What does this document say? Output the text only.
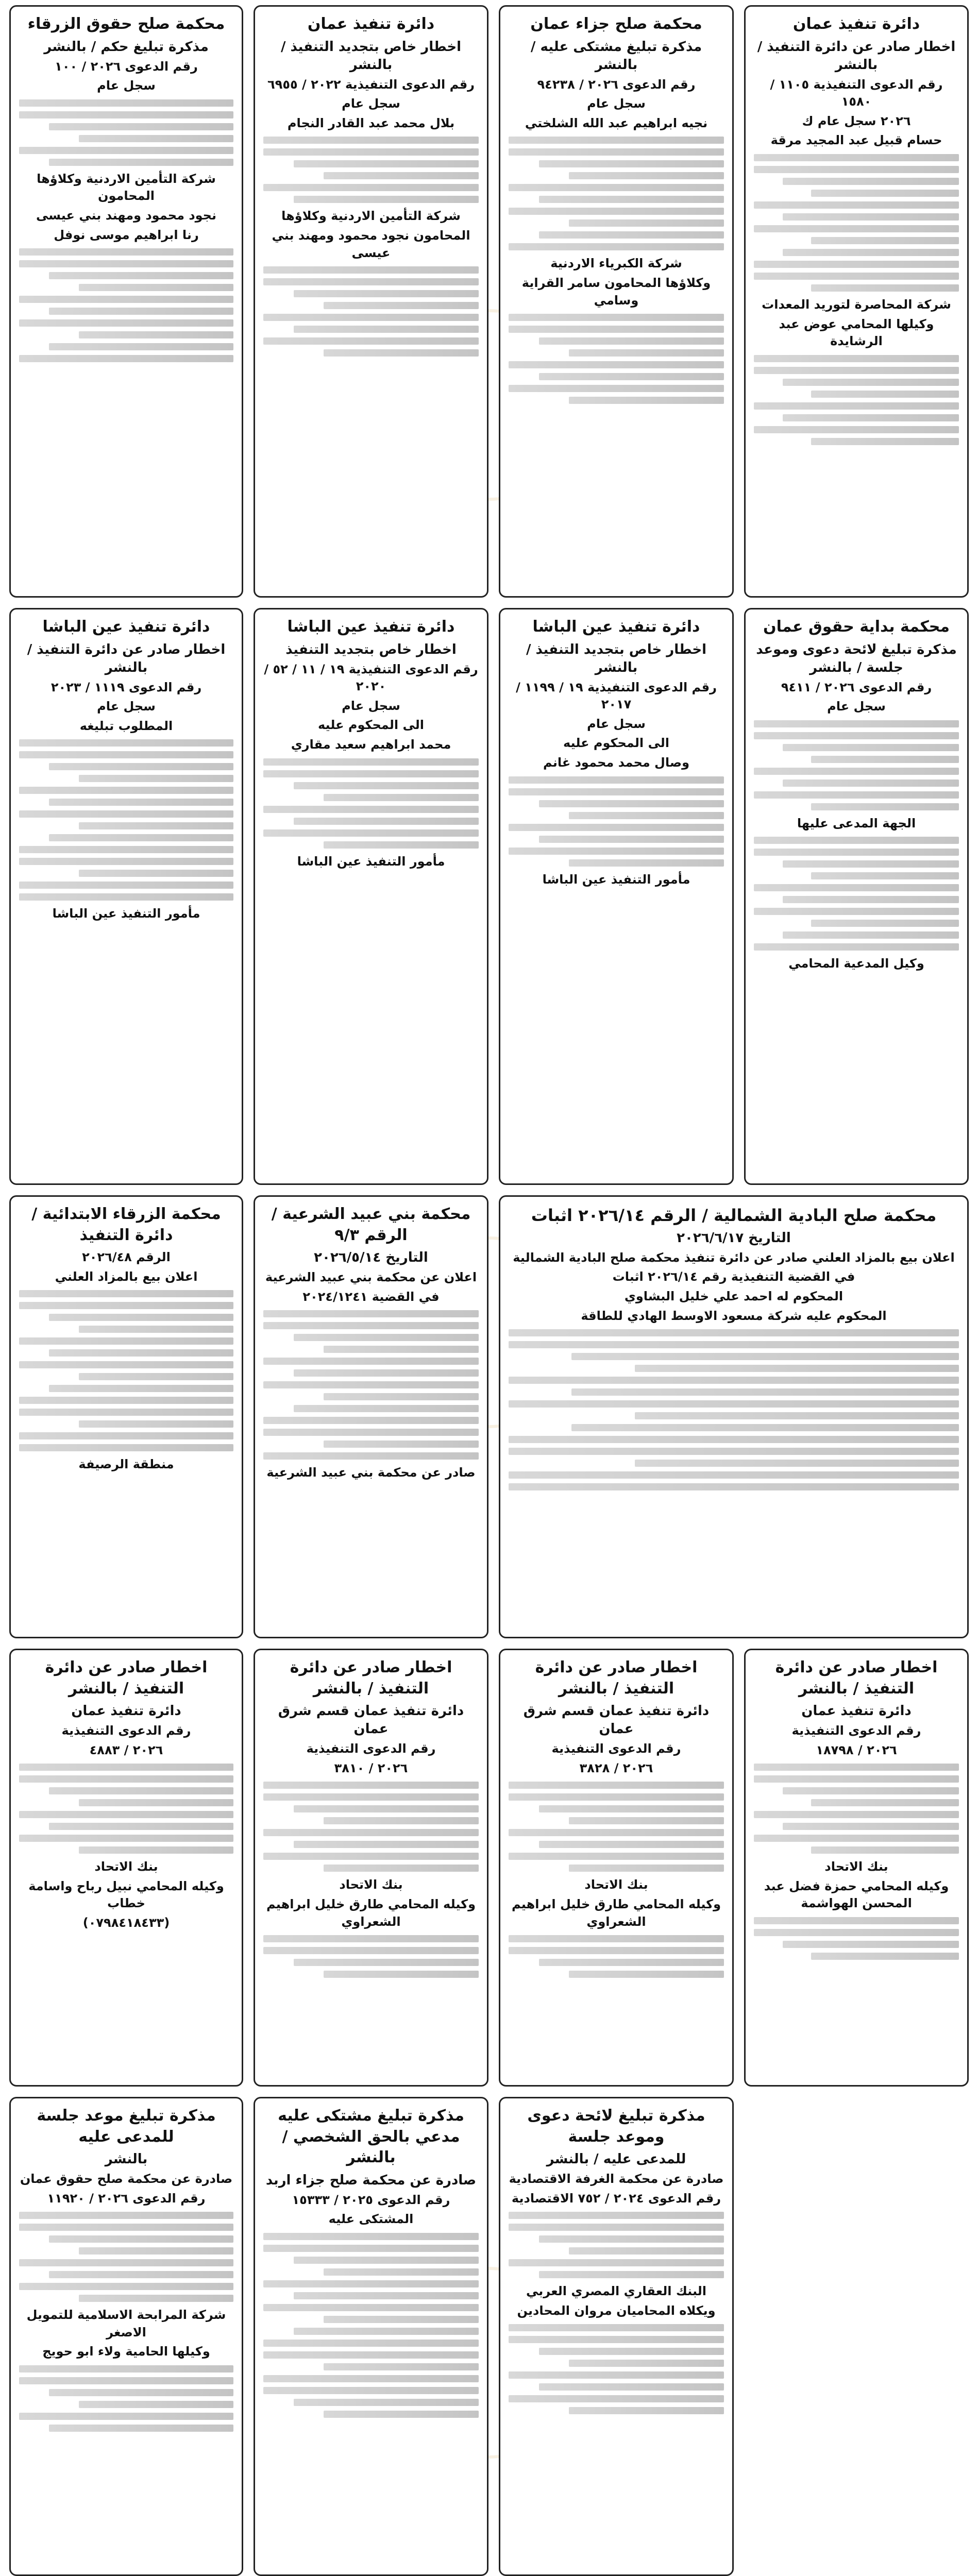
دائرة تنفيذ عمان
اخطار صادر عن دائرة التنفيذ / بالنشر
رقم الدعوى التنفيذية ١١٠٥ / ١٥٨٠
٢٠٢٦ سجل عام ك
حسام قبيل عبد المجيد مرقة
شركة المحاصرة لتوريد المعدات
وكيلها المحامي عوض عبد الرشايدة
محكمة صلح جزاء عمان
مذكرة تبليغ مشتكى عليه / بالنشر
رقم الدعوى ٢٠٢٦ / ٩٤٢٣٨
سجل عام
نجيه ابراهيم عبد الله الشلختي
شركة الكبرياء الاردنية
وكلاؤها المحامون سامر القراية وسامي
دائرة تنفيذ عمان
اخطار خاص بتجديد التنفيذ / بالنشر
رقم الدعوى التنفيذية ٢٠٢٢ / ٦٩٥٥
سجل عام
بلال محمد عبد القادر النجام
شركة التأمين الاردنية وكلاؤها
المحامون نجود محمود ومهند بني عيسى
محكمة صلح حقوق الزرقاء
مذكرة تبليغ حكم / بالنشر
رقم الدعوى ٢٠٢٦ / ١٠٠
سجل عام
شركة التأمين الاردنية وكلاؤها المحامون
نجود محمود ومهند بني عيسى
رنا ابراهيم موسى نوفل
محكمة بداية حقوق عمان
مذكرة تبليغ لائحة دعوى وموعد جلسة / بالنشر
رقم الدعوى ٢٠٢٦ / ٩٤١١
سجل عام
الجهة المدعى عليها
وكيل المدعية المحامي
دائرة تنفيذ عين الباشا
اخطار خاص بتجديد التنفيذ / بالنشر
رقم الدعوى التنفيذية ١٩ / ١١٩٩ / ٢٠١٧
سجل عام
الى المحكوم عليه
وصال محمد محمود غانم
مأمور التنفيذ عين الباشا
دائرة تنفيذ عين الباشا
اخطار خاص بتجديد التنفيذ
رقم الدعوى التنفيذية ١٩ / ١١ / ٥٢ / ٢٠٢٠
سجل عام
الى المحكوم عليه
محمد ابراهيم سعيد مقاري
مأمور التنفيذ عين الباشا
دائرة تنفيذ عين الباشا
اخطار صادر عن دائرة التنفيذ / بالنشر
رقم الدعوى ١١١٩ / ٢٠٢٣
سجل عام
المطلوب تبليغه
مأمور التنفيذ عين الباشا
محكمة صلح البادية الشمالية / الرقم ٢٠٢٦/١٤ اثبات
التاريخ ٢٠٢٦/٦/١٧
اعلان بيع بالمزاد العلني صادر عن دائرة تنفيذ محكمة صلح البادية الشمالية
في القضية التنفيذية رقم ٢٠٢٦/١٤ اثبات
المحكوم له احمد علي خليل البشاوي
المحكوم عليه شركة مسعود الاوسط الهادي للطاقة
محكمة بني عبيد الشرعية / الرقم ٩/٣
التاريخ ٢٠٢٦/٥/١٤
اعلان عن محكمة بني عبيد الشرعية
في القضية ٢٠٢٤/١٢٤١
صادر عن محكمة بني عبيد الشرعية
محكمة الزرقاء الابتدائية / دائرة التنفيذ
الرقم ٢٠٢٦/٤٨
اعلان بيع بالمزاد العلني
منطقة الرصيفة
اخطار صادر عن دائرة التنفيذ / بالنشر
دائرة تنفيذ عمان
رقم الدعوى التنفيذية
٢٠٢٦ / ١٨٧٩٨
بنك الاتحاد
وكيله المحامي حمزة فضل عبد المحسن الهواشمة
اخطار صادر عن دائرة التنفيذ / بالنشر
دائرة تنفيذ عمان قسم شرق عمان
رقم الدعوى التنفيذية
٢٠٢٦ / ٣٨٢٨
بنك الاتحاد
وكيله المحامي طارق خليل ابراهيم الشعراوي
اخطار صادر عن دائرة التنفيذ / بالنشر
دائرة تنفيذ عمان قسم شرق عمان
رقم الدعوى التنفيذية
٢٠٢٦ / ٣٨١٠
بنك الاتحاد
وكيله المحامي طارق خليل ابراهيم الشعراوي
اخطار صادر عن دائرة التنفيذ / بالنشر
دائرة تنفيذ عمان
رقم الدعوى التنفيذية
٢٠٢٦ / ٤٨٨٣
بنك الاتحاد
وكيله المحامي نبيل رباح واسامة خطاب
(٠٧٩٨٤١٨٤٣٣)
مذكرة تبليغ لائحة دعوى وموعد جلسة
للمدعى عليه / بالنشر
صادرة عن محكمة الغرفة الاقتصادية
رقم الدعوى ٢٠٢٤ / ٧٥٢ الاقتصادية
البنك العقاري المصري العربي
ويكلاه المحاميان مروان المحادين
مذكرة تبليغ مشتكى عليه مدعي بالحق الشخصي / بالنشر
صادرة عن محكمة صلح جزاء اربد
رقم الدعوى ٢٠٢٥ / ١٥٣٣٣
المشتكى عليه
مذكرة تبليغ موعد جلسة للمدعى عليه
بالنشر
صادرة عن محكمة صلح حقوق عمان
رقم الدعوى ٢٠٢٦ / ١١٩٢٠
شركة المرابحة الاسلامية للتمويل الاصغر
وكيلها الحامية ولاء ابو حويج
